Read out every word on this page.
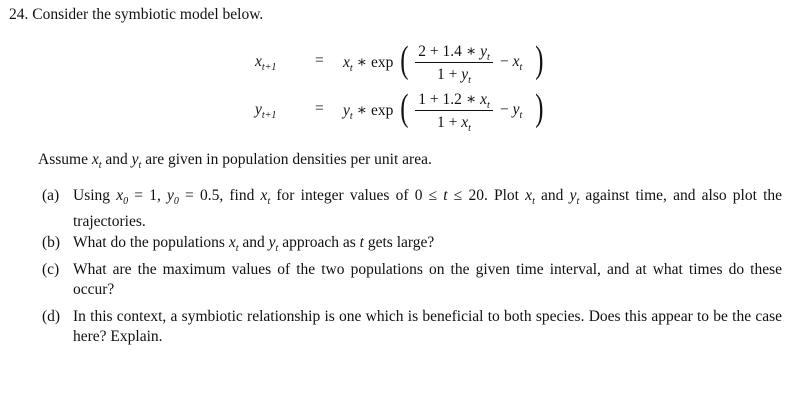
24. Consider the symbiotic model below.
$x_{t+1} = x_t$ ∗ exp ( 2 + 1.4 ∗ $y_t$
$1 + y_t$
− $x_t$ )
$y_{t+1} = y_t$ ∗ exp ( 1 + 1.2 ∗ $x_t$
$1 + x_t$
− $y_t$ )
Assume $x_t$ and $y_t$ are given in population densities per unit area.
(a) Using $x_0 = 1$, $y_0 = 0.5$, find $x_t$ for integer values of 0 ≤ t ≤ 20. Plot $x_t$ and $y_t$ against time, and also plot the trajectories.
(b) What do the populations $x_t$ and $y_t$ approach as t gets large?
(c) What are the maximum values of the two populations on the given time interval, and at what times do these occur?
(d) In this context, a symbiotic relationship is one which is beneficial to both species. Does this appear to be the case here? Explain.
